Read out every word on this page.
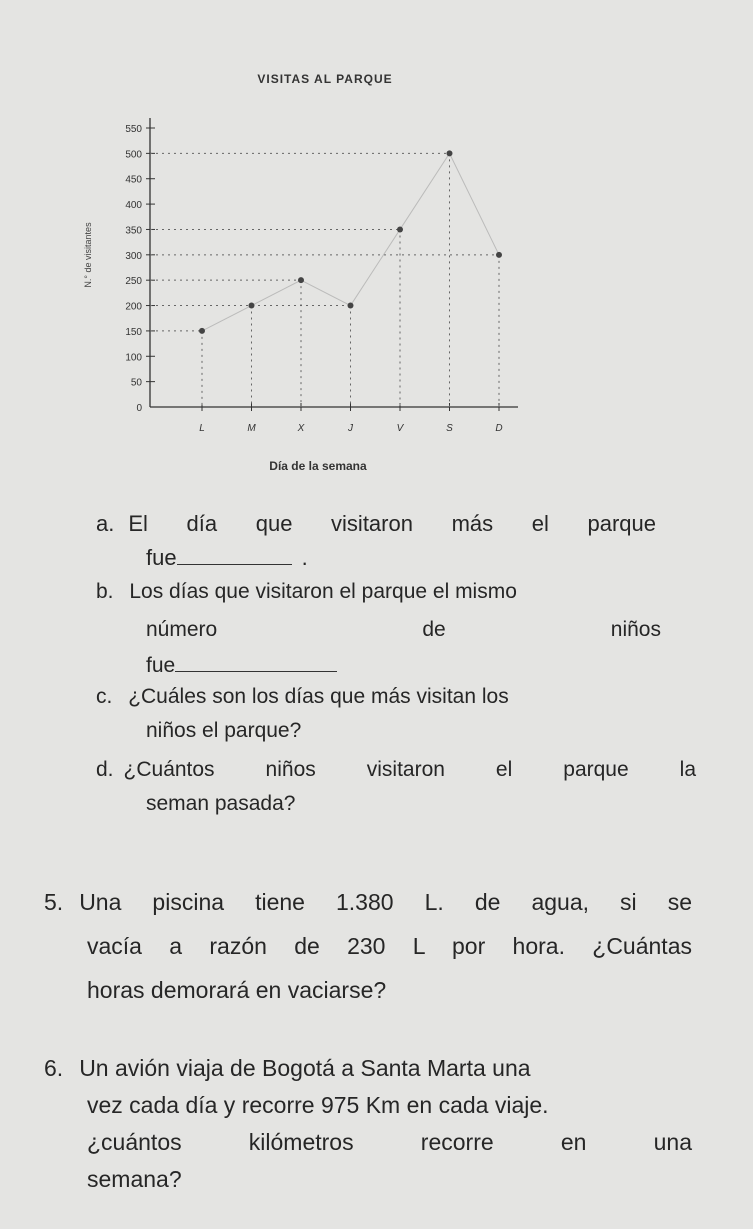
VISITAS AL PARQUE
N.° de visitantes
Día de la semana
0
50
100
150
200
250
300
350
400
450
500
550
L	M	X	J	V	S	D
a. El día que visitaron más el parque
fue	.
b. Los días que visitaron el parque el mismo
número	de	niños
fue
c. ¿Cuáles son los días que más visitan los
niños el parque?
d. ¿Cuántos niños visitaron el parque la
seman pasada?
5. Una piscina tiene 1.380 L. de agua, si se
vacía a razón de 230 L por hora. ¿Cuántas
horas demorará en vaciarse?
6. Un avión viaja de Bogotá a Santa Marta una
vez cada día y recorre 975 Km en cada viaje.
¿cuántos kilómetros recorre en una
semana?
